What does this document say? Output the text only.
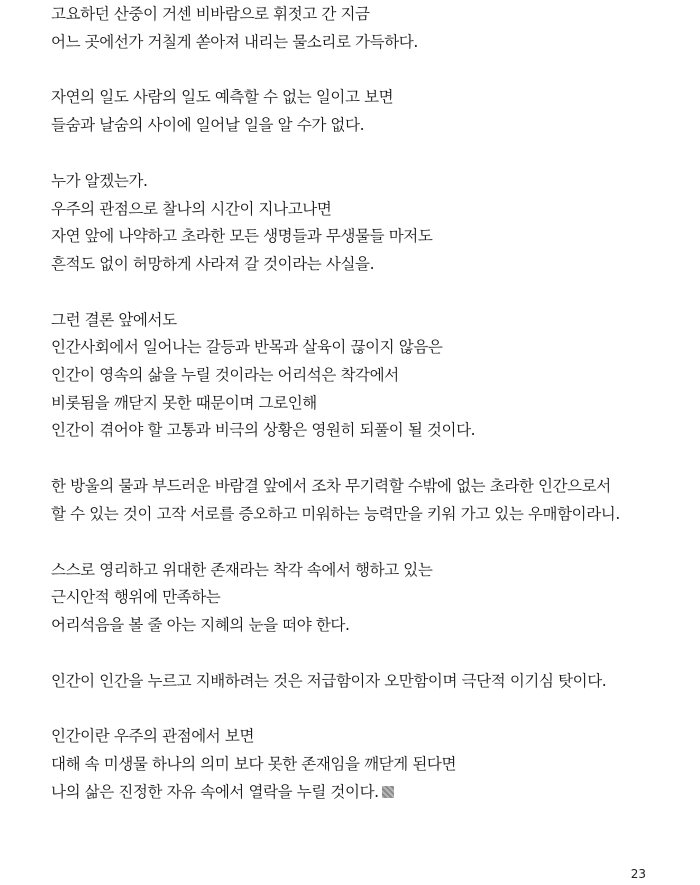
고요하던 산중이 거센 비바람으로 휘젓고 간 지금
어느 곳에선가 거칠게 쏟아져 내리는 물소리로 가득하다.
자연의 일도 사람의 일도 예측할 수 없는 일이고 보면
들숨과 날숨의 사이에 일어날 일을 알 수가 없다.
누가 알겠는가.
우주의 관점으로 찰나의 시간이 지나고나면
자연 앞에 나약하고 초라한 모든 생명들과 무생물들 마저도
흔적도 없이 허망하게 사라져 갈 것이라는 사실을.
그런 결론 앞에서도
인간사회에서 일어나는 갈등과 반목과 살육이 끊이지 않음은
인간이 영속의 삶을 누릴 것이라는 어리석은 착각에서
비롯됨을 깨닫지 못한 때문이며 그로인해
인간이 겪어야 할 고통과 비극의 상황은 영원히 되풀이 될 것이다.
한 방울의 물과 부드러운 바람결 앞에서 조차 무기력할 수밖에 없는 초라한 인간으로서
할 수 있는 것이 고작 서로를 증오하고 미워하는 능력만을 키워 가고 있는 우매함이라니.
스스로 영리하고 위대한 존재라는 착각 속에서 행하고 있는
근시안적 행위에 만족하는
어리석음을 볼 줄 아는 지혜의 눈을 떠야 한다.
인간이 인간을 누르고 지배하려는 것은 저급함이자 오만함이며 극단적 이기심 탓이다.
인간이란 우주의 관점에서 보면
대해 속 미생물 하나의 의미 보다 못한 존재임을 깨닫게 된다면
나의 삶은 진정한 자유 속에서 열락을 누릴 것이다.
23
